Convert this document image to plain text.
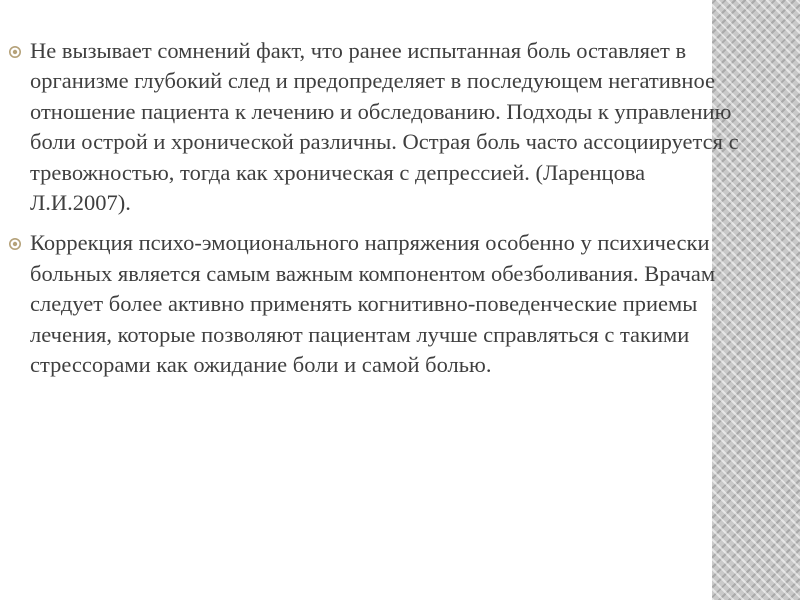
Не вызывает сомнений факт, что ранее испытанная боль оставляет в организме глубокий след и предопределяет в последующем негативное отношение пациента к лечению и обследованию. Подходы к управлению боли острой и хронической различны. Острая боль часто ассоциируется с тревожностью, тогда как хроническая с депрессией. (Ларенцова Л.И.2007).

Коррекция психо-эмоционального напряжения особенно у психически больных является самым важным компонентом обезболивания. Врачам следует более активно применять когнитивно-поведенческие приемы лечения, которые позволяют пациентам лучше справляться с такими стрессорами как ожидание боли и самой болью.
